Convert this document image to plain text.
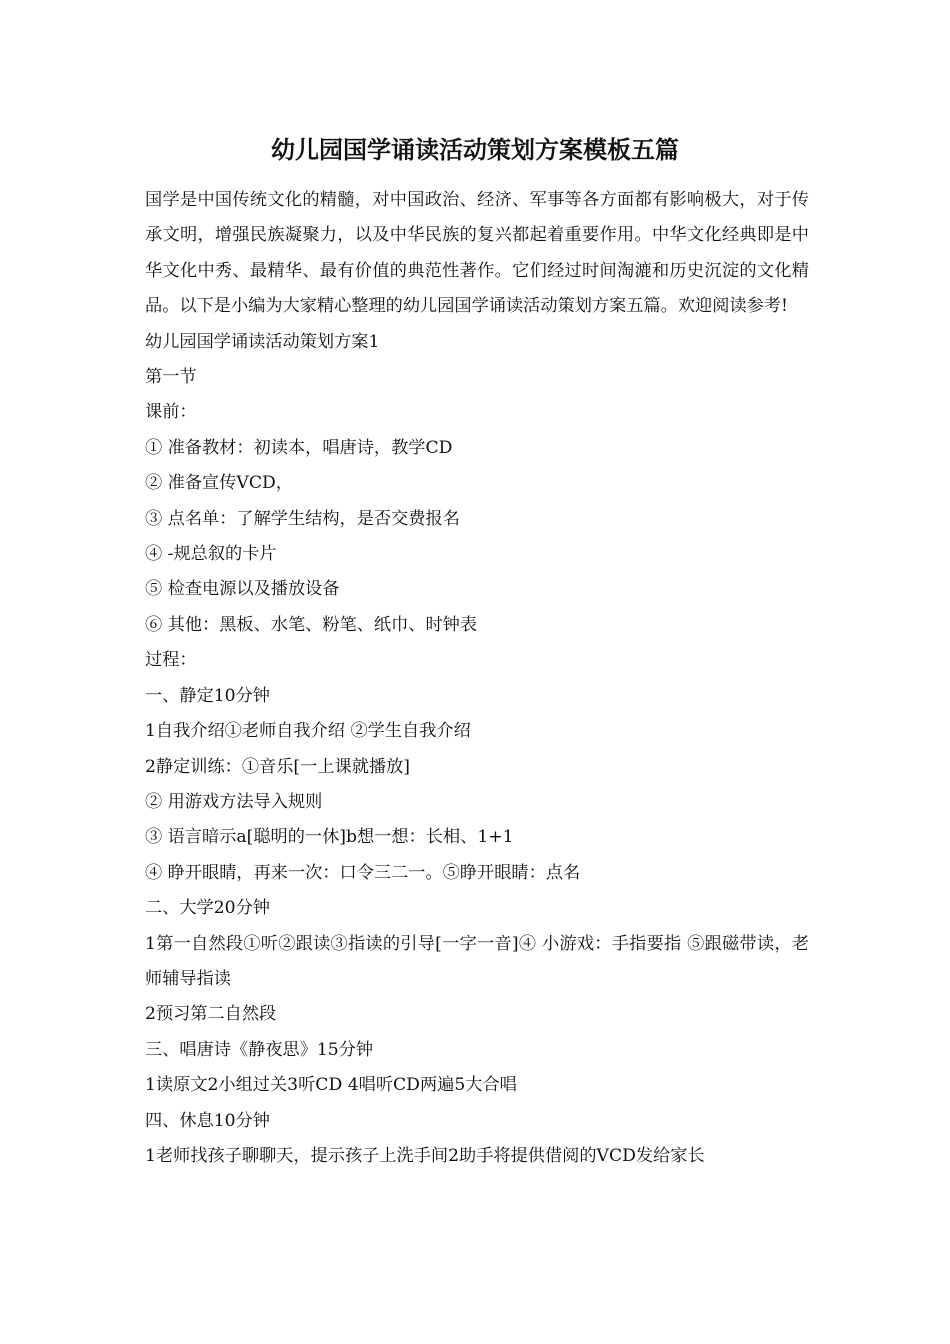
幼儿园国学诵读活动策划方案模板五篇

国学是中国传统文化的精髓，对中国政治、经济、军事等各方面都有影响极大，对于传承文明，增强民族凝聚力，以及中华民族的复兴都起着重要作用。中华文化经典即是中华文化中秀、最精华、最有价值的典范性著作。它们经过时间淘漉和历史沉淀的文化精品。以下是小编为大家精心整理的幼儿园国学诵读活动策划方案五篇。欢迎阅读参考!

幼儿园国学诵读活动策划方案1

第一节

课前：

① 准备教材：初读本，唱唐诗，教学CD

② 准备宣传VCD，

③ 点名单：了解学生结构，是否交费报名

④ -规总叙的卡片

⑤ 检查电源以及播放设备

⑥ 其他：黑板、水笔、粉笔、纸巾、时钟表

过程：

一、静定10分钟

1自我介绍①老师自我介绍 ②学生自我介绍

2静定训练：①音乐[一上课就播放]

② 用游戏方法导入规则

③ 语言暗示a[聪明的一休]b想一想：长相、1+1

④ 睁开眼睛，再来一次：口令三二一。⑤睁开眼睛：点名

二、大学20分钟

1第一自然段①听②跟读③指读的引导[一字一音]④ 小游戏：手指要指 ⑤跟磁带读，老师辅导指读

2预习第二自然段

三、唱唐诗《静夜思》15分钟

1读原文2小组过关3听CD 4唱听CD两遍5大合唱

四、休息10分钟

1老师找孩子聊聊天，提示孩子上洗手间2助手将提供借阅的VCD发给家长
